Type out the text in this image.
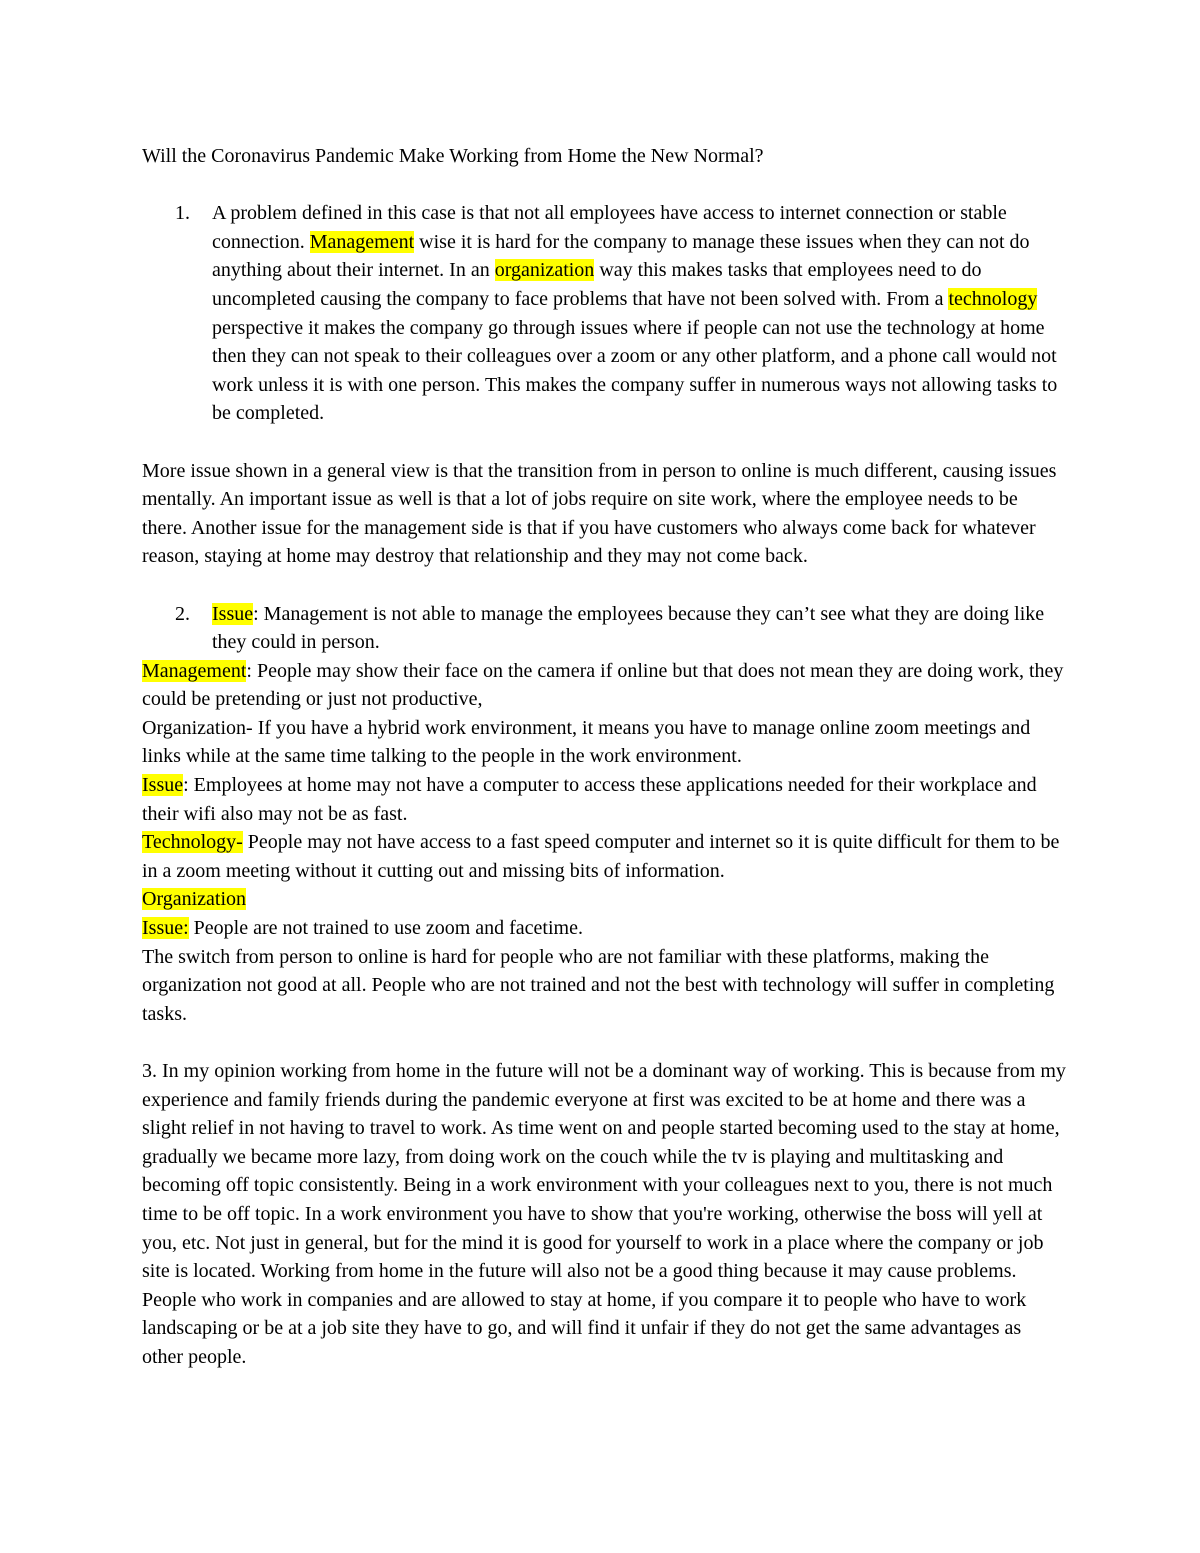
Will the Coronavirus Pandemic Make Working from Home the New Normal?

1. A problem defined in this case is that not all employees have access to internet connection or stable connection. Management wise it is hard for the company to manage these issues when they can not do anything about their internet. In an organization way this makes tasks that employees need to do uncompleted causing the company to face problems that have not been solved with. From a technology perspective it makes the company go through issues where if people can not use the technology at home then they can not speak to their colleagues over a zoom or any other platform, and a phone call would not work unless it is with one person. This makes the company suffer in numerous ways not allowing tasks to be completed.

More issue shown in a general view is that the transition from in person to online is much different, causing issues mentally. An important issue as well is that a lot of jobs require on site work, where the employee needs to be there. Another issue for the management side is that if you have customers who always come back for whatever reason, staying at home may destroy that relationship and they may not come back.

2. Issue: Management is not able to manage the employees because they can’t see what they are doing like they could in person.

Management: People may show their face on the camera if online but that does not mean they are doing work, they could be pretending or just not productive,

Organization- If you have a hybrid work environment, it means you have to manage online zoom meetings and links while at the same time talking to the people in the work environment.

Issue: Employees at home may not have a computer to access these applications needed for their workplace and their wifi also may not be as fast.

Technology- People may not have access to a fast speed computer and internet so it is quite difficult for them to be in a zoom meeting without it cutting out and missing bits of information.

Organization

Issue: People are not trained to use zoom and facetime.

The switch from person to online is hard for people who are not familiar with these platforms, making the organization not good at all. People who are not trained and not the best with technology will suffer in completing tasks.

3. In my opinion working from home in the future will not be a dominant way of working. This is because from my experience and family friends during the pandemic everyone at first was excited to be at home and there was a slight relief in not having to travel to work. As time went on and people started becoming used to the stay at home, gradually we became more lazy, from doing work on the couch while the tv is playing and multitasking and becoming off topic consistently. Being in a work environment with your colleagues next to you, there is not much time to be off topic. In a work environment you have to show that you're working, otherwise the boss will yell at you, etc. Not just in general, but for the mind it is good for yourself to work in a place where the company or job site is located. Working from home in the future will also not be a good thing because it may cause problems. People who work in companies and are allowed to stay at home, if you compare it to people who have to work landscaping or be at a job site they have to go, and will find it unfair if they do not get the same advantages as other people.
